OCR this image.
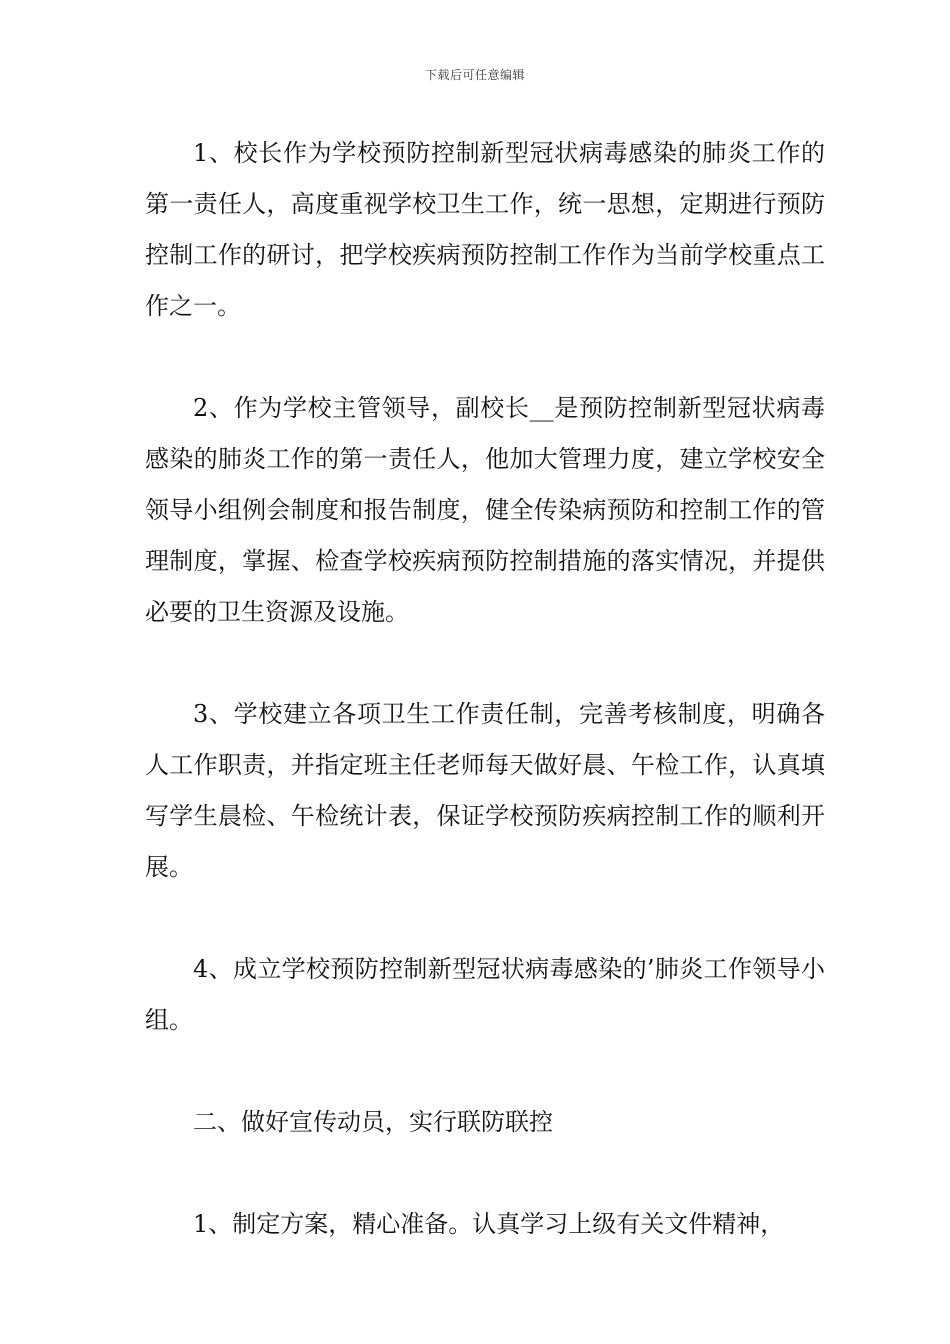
下载后可任意编辑

1、校长作为学校预防控制新型冠状病毒感染的肺炎工作的第一责任人，高度重视学校卫生工作，统一思想，定期进行预防控制工作的研讨，把学校疾病预防控制工作作为当前学校重点工作之一。

2、作为学校主管领导，副校长__是预防控制新型冠状病毒感染的肺炎工作的第一责任人，他加大管理力度，建立学校安全领导小组例会制度和报告制度，健全传染病预防和控制工作的管理制度，掌握、检查学校疾病预防控制措施的落实情况，并提供必要的卫生资源及设施。

3、学校建立各项卫生工作责任制，完善考核制度，明确各人工作职责，并指定班主任老师每天做好晨、午检工作，认真填写学生晨检、午检统计表，保证学校预防疾病控制工作的顺利开展。

4、成立学校预防控制新型冠状病毒感染的’肺炎工作领导小组。

二、做好宣传动员，实行联防联控

1、制定方案，精心准备。认真学习上级有关文件精神，
